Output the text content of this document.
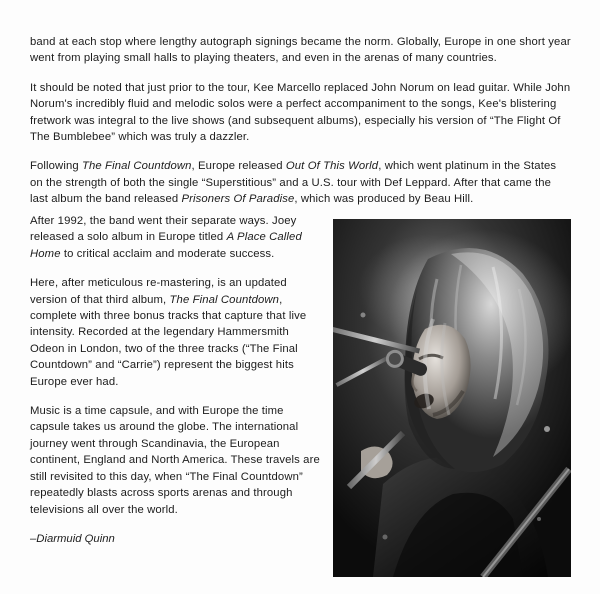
band at each stop where lengthy autograph signings became the norm. Globally, Europe in one short year went from playing small halls to playing theaters, and even in the arenas of many countries.

It should be noted that just prior to the tour, Kee Marcello replaced John Norum on lead guitar. While John Norum's incredibly fluid and melodic solos were a perfect accompaniment to the songs, Kee's blistering fretwork was integral to the live shows (and subsequent albums), especially his version of “The Flight Of The Bumblebee” which was truly a dazzler.

Following The Final Countdown, Europe released Out Of This World, which went platinum in the States on the strength of both the single “Superstitious” and a U.S. tour with Def Leppard. After that came the last album the band released Prisoners Of Paradise, which was produced by Beau Hill.

After 1992, the band went their separate ways. Joey released a solo album in Europe titled A Place Called Home to critical acclaim and moderate success.

Here, after meticulous re-mastering, is an updated version of that third album, The Final Countdown, complete with three bonus tracks that capture that live intensity. Recorded at the legendary Hammersmith Odeon in London, two of the three tracks (“The Final Countdown” and “Carrie”) represent the biggest hits Europe ever had.

Music is a time capsule, and with Europe the time capsule takes us around the globe. The international journey went through Scandinavia, the European continent, England and North America. These travels are still revisited to this day, when “The Final Countdown” repeatedly blasts across sports arenas and through televisions all over the world.

–Diarmuid Quinn
